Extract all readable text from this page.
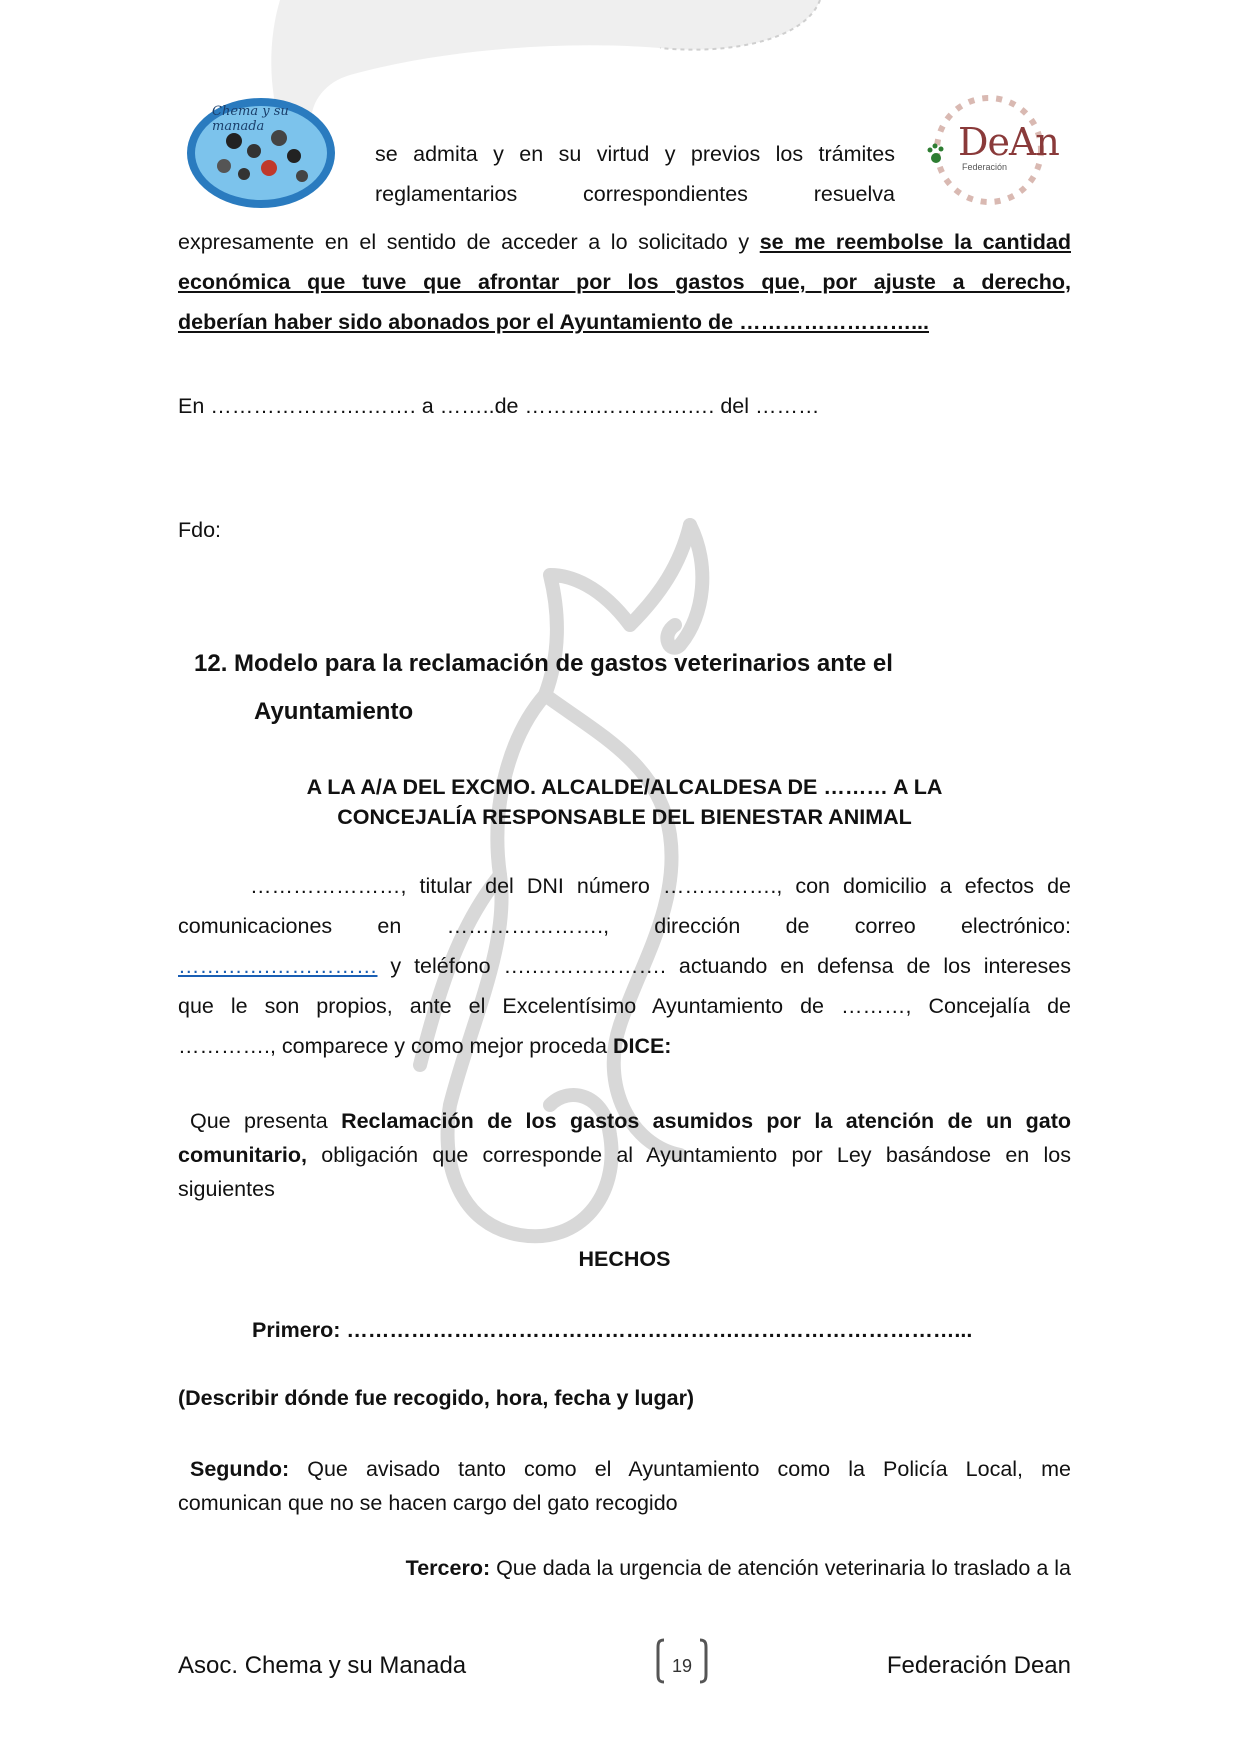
Chema y su manada	DeAn
Federación
se admita y en su virtud y previos los trámites
reglamentarios	correspondientes	resuelva
expresamente en el sentido de acceder a lo solicitado y se me reembolse la cantidad
económica que tuve que afrontar por los gastos que, por ajuste a derecho,
deberían haber sido abonados por el Ayuntamiento de ……………………...
En ………………….……. a ……..de ……….………….…. del ………
Fdo:
12. Modelo para la reclamación de gastos veterinarios ante el
Ayuntamiento
A LA A/A DEL EXCMO. ALCALDE/ALCALDESA DE ……… A LA
CONCEJALÍA RESPONSABLE DEL BIENESTAR ANIMAL
…………………, titular del DNI número ……………., con domicilio a efectos de
comunicaciones en …………………., dirección de correo electrónico:
………….…………… y teléfono ….………………. actuando en defensa de los intereses
que le son propios, ante el Excelentísimo Ayuntamiento de ………, Concejalía de
…………., comparece y como mejor proceda DICE:
Que presenta Reclamación de los gastos asumidos por la atención de un gato
comunitario, obligación que corresponde al Ayuntamiento por Ley basándose en los
siguientes
HECHOS
Primero: ……………………………………………….…………………………...
(Describir dónde fue recogido, hora, fecha y lugar)
Segundo: Que avisado tanto como el Ayuntamiento como la Policía Local, me
comunican que no se hacen cargo del gato recogido
Tercero: Que dada la urgencia de atención veterinaria lo traslado a la
Asoc. Chema y su Manada	19	Federación Dean
